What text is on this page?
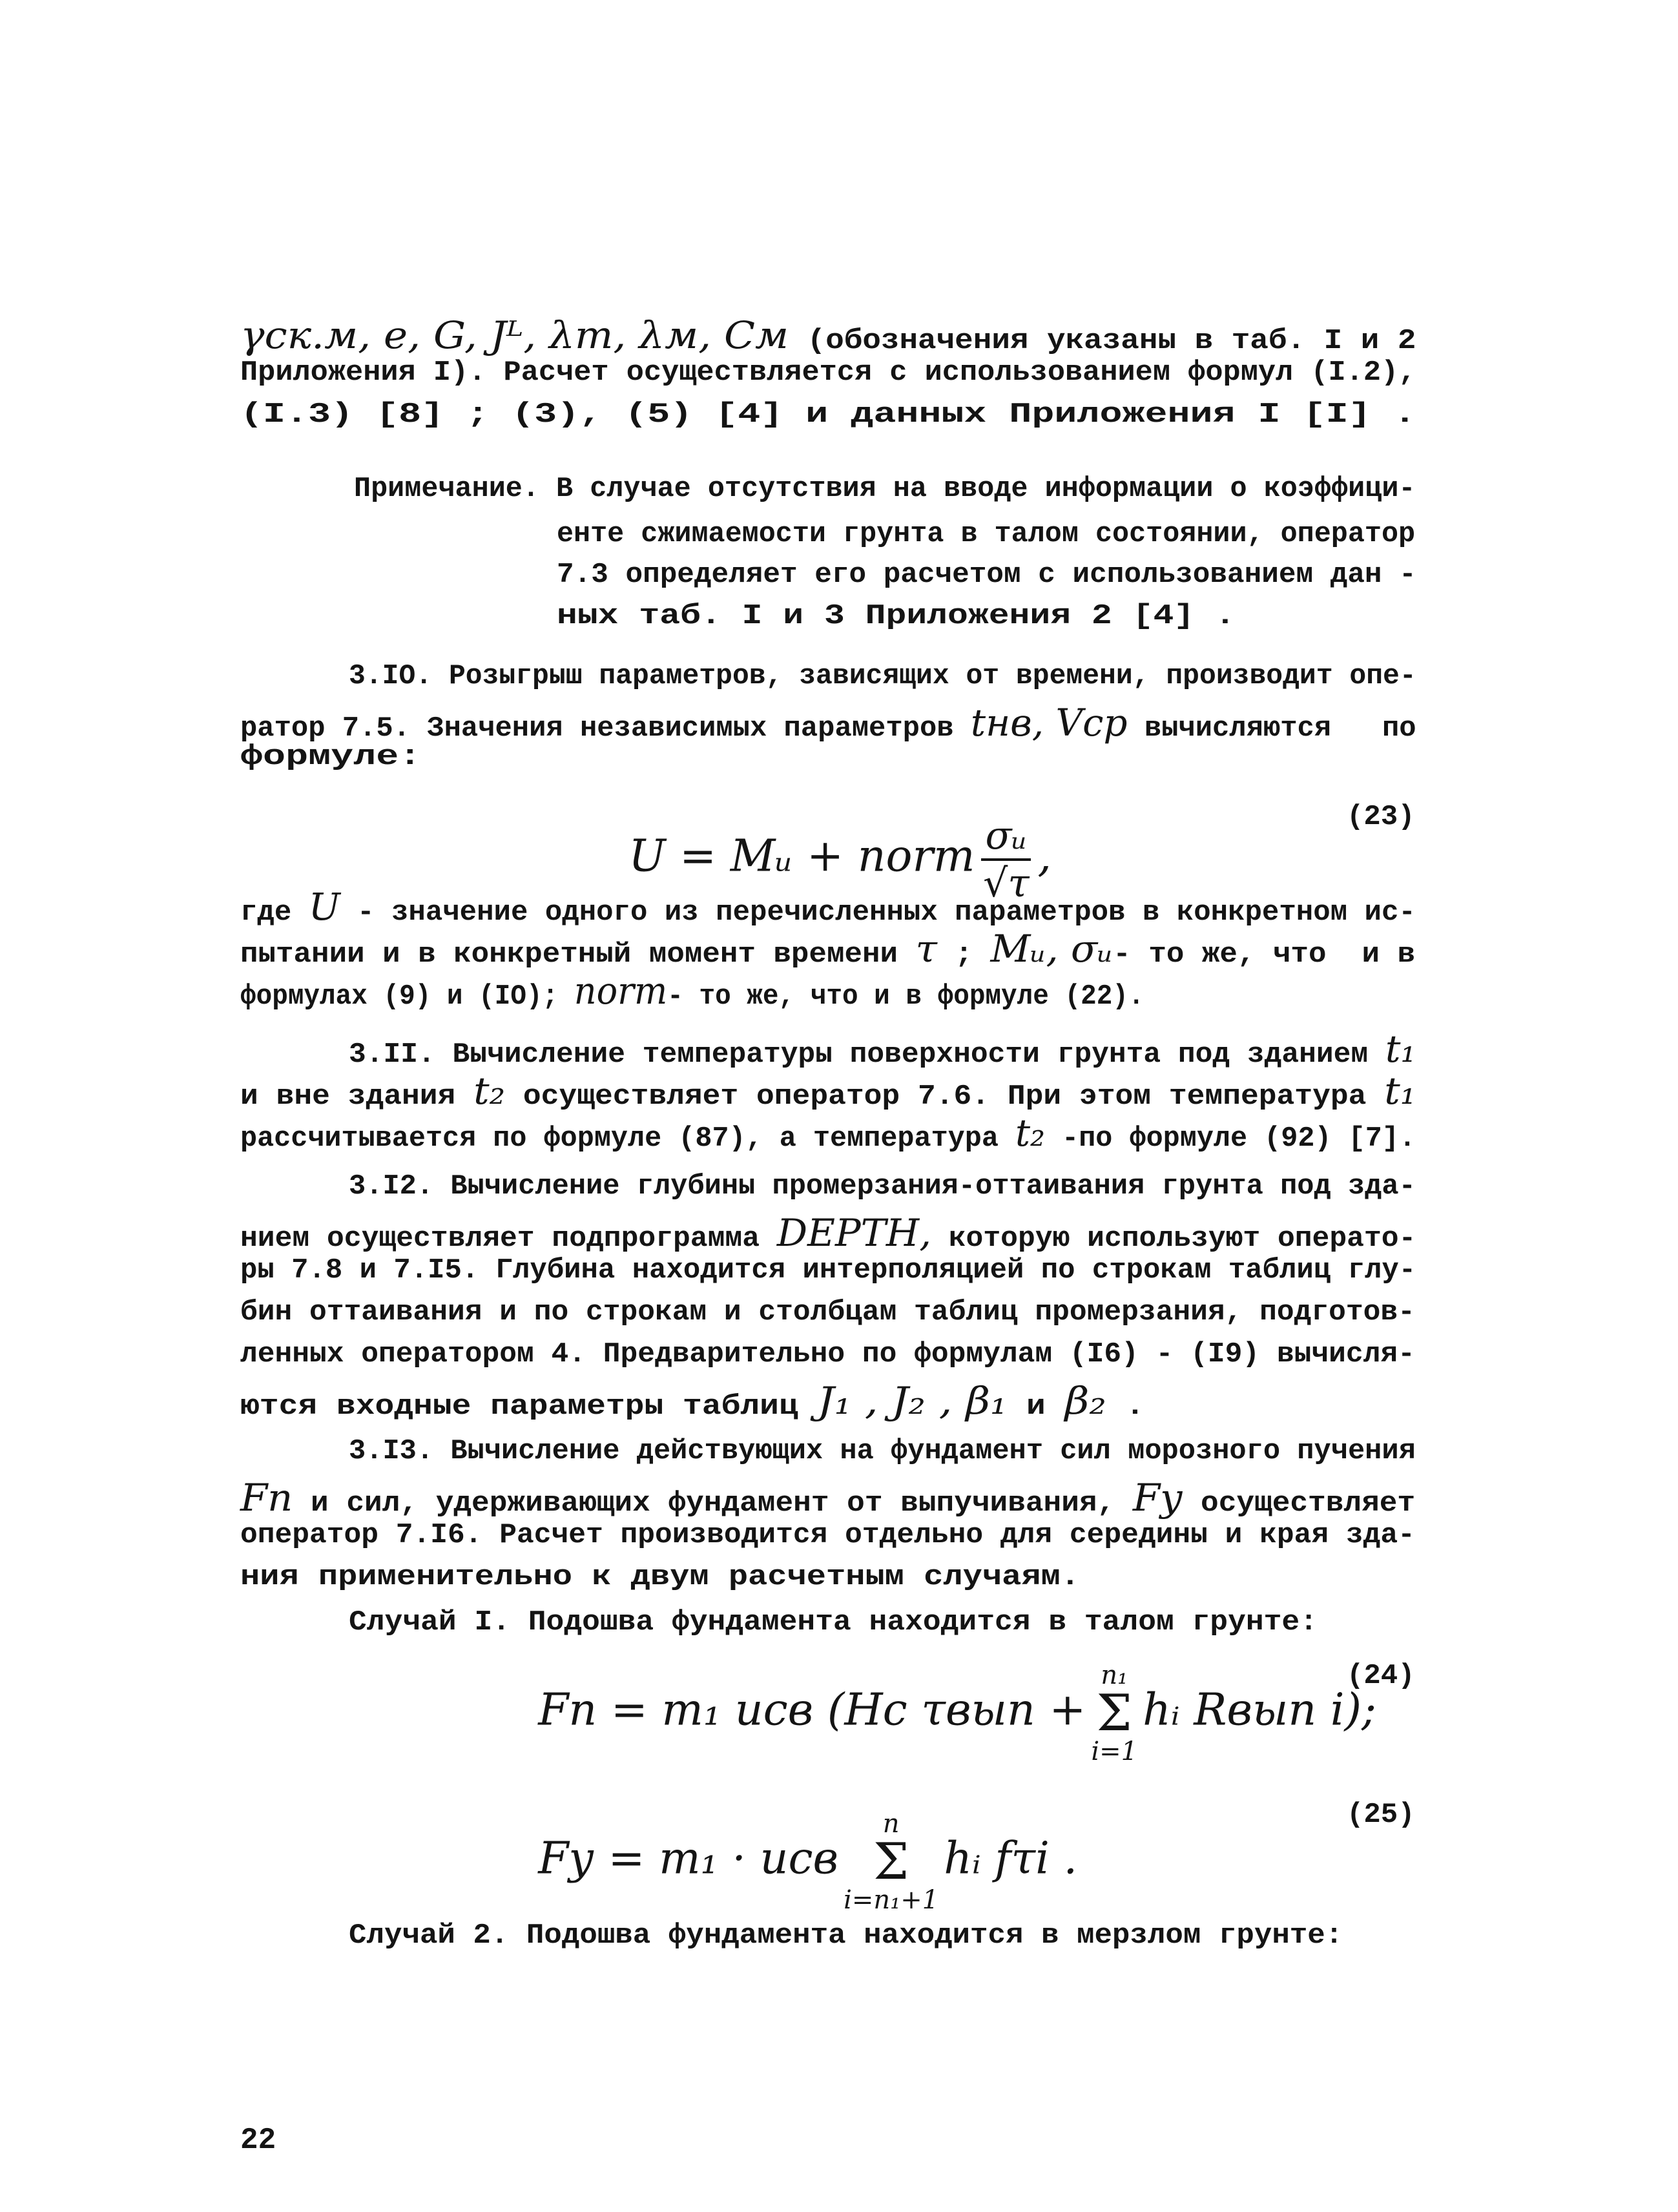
γск.м, e, G, Jᴸ, λт, λм, Cм (обозначения указаны в таб. I и 2
Приложения I). Расчет осуществляется с использованием формул (I.2),
(I.3) [8] ; (3), (5) [4] и данных Приложения I [I] .
Примечание. В случае отсутствия на вводе информации о коэффици-
енте сжимаемости грунта в талом состоянии, оператор
7.3 определяет его расчетом с использованием дан -
ных таб. I и 3 Приложения 2 [4] .
3.IO. Розыгрыш параметров, зависящих от времени, производит опе-
ратор 7.5. Значения независимых параметров tнв, Vср вычисляются   по
формуле:
где U - значение одного из перечисленных параметров в конкретном ис-
пытании и в конкретный момент времени τ ; Mᵤ, σᵤ- то же, что  и в
формулах (9) и (IO); norm- то же, что и в формуле (22).
3.II. Вычисление температуры поверхности грунта под зданием t₁
и вне здания t₂ осуществляет оператор 7.6. При этом температура t₁
рассчитывается по формуле (87), а температура t₂ -по формуле (92) [7].
3.I2. Вычисление глубины промерзания-оттаивания грунта под зда-
нием осуществляет подпрограмма DEPTH, которую используют операто-
ры 7.8 и 7.I5. Глубина находится интерполяцией по строкам таблиц глу-
бин оттаивания и по строкам и столбцам таблиц промерзания, подготов-
ленных оператором 4. Предварительно по формулам (I6) - (I9) вычисля-
ются входные параметры таблиц J₁ , J₂ , β₁ и β₂ .
3.I3. Вычисление действующих на фундамент сил морозного пучения
Fп и сил, удерживающих фундамент от выпучивания, Fу осуществляет
оператор 7.I6. Расчет производится отдельно для середины и края зда-
ния применительно к двум расчетным случаям.
Случай I. Подошва фундамента находится в талом грунте:
Случай 2. Подошва фундамента находится в мерзлом грунте:

U = Mᵤ + norm $\frac{\text{σᵤ}}{√\tau}$ ,

(23)

Fп = m₁ uсв (Hc τвып +
n₁
Σ
i=1
hᵢ Rвып i);

(24)

Fу = m₁ · uсв
n
Σ
i=n₁+1
hᵢ fτi .

(25)
22
